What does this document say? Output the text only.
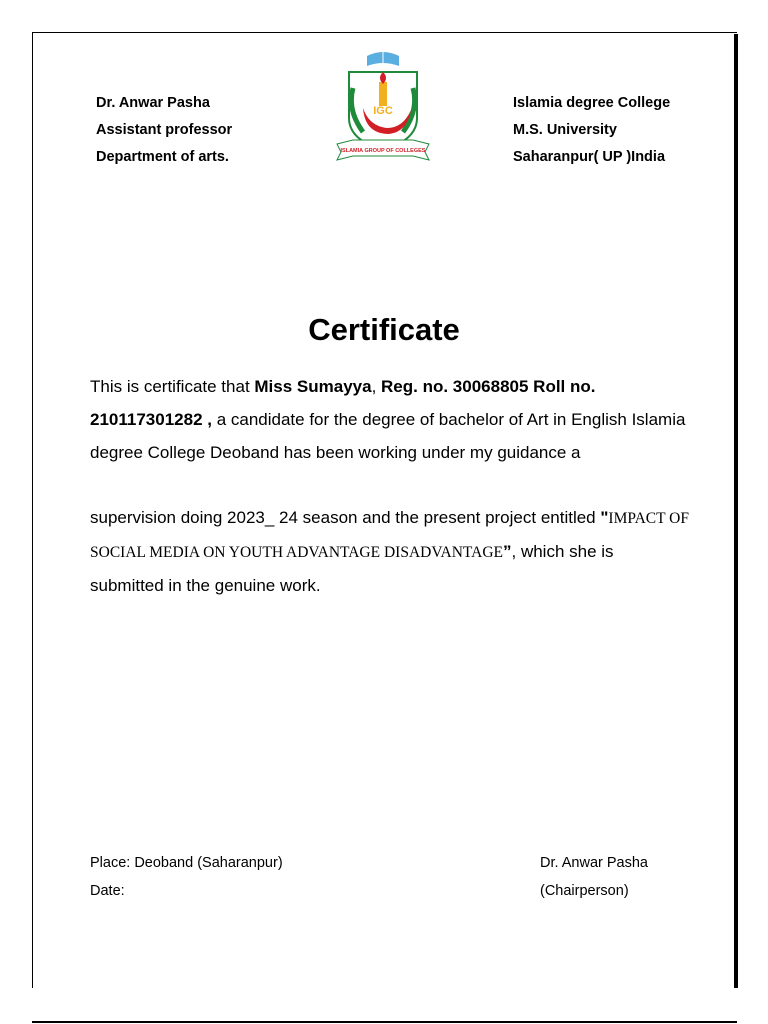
Dr. Anwar Pasha
Assistant professor
Department of arts.
IGC
ISLAMIA GROUP OF COLLEGES
Islamia degree College
M.S. University
Saharanpur( UP )India
Certificate
This is certificate that Miss Sumayya, Reg. no. 30068805 Roll no. 210117301282 , a candidate for the degree of bachelor of Art in English Islamia degree College Deoband has been working under my guidance a
supervision doing 2023_ 24 season and the present project entitled "IMPACT OF SOCIAL MEDIA ON YOUTH ADVANTAGE DISADVANTAGE”, which she is submitted in the genuine work.
Place: Deoband (Saharanpur)
Date:
Dr. Anwar Pasha
(Chairperson)
